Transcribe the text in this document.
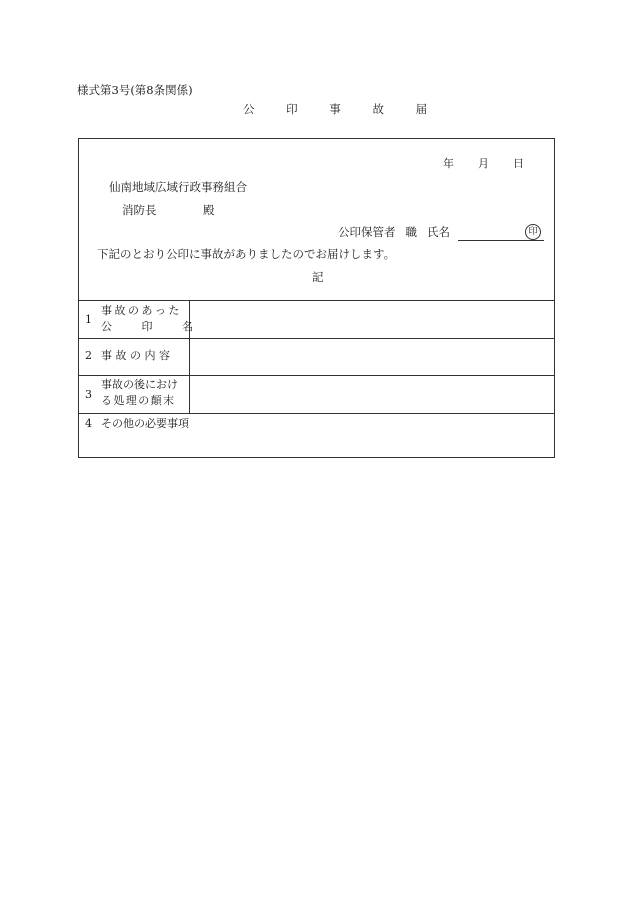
様式第3号(第8条関係)
公 印 事 故 届
年 月 日
仙南地域広域行政事務組合
消防長	殿
公印保管者 職 氏名	印
下記のとおり公印に事故がありましたのでお届けします。
記
1
事故のあった
公 印 名
2 事 故 の 内 容
3
事故の後におけ
る処理の顛末
4 その他の必要事項
